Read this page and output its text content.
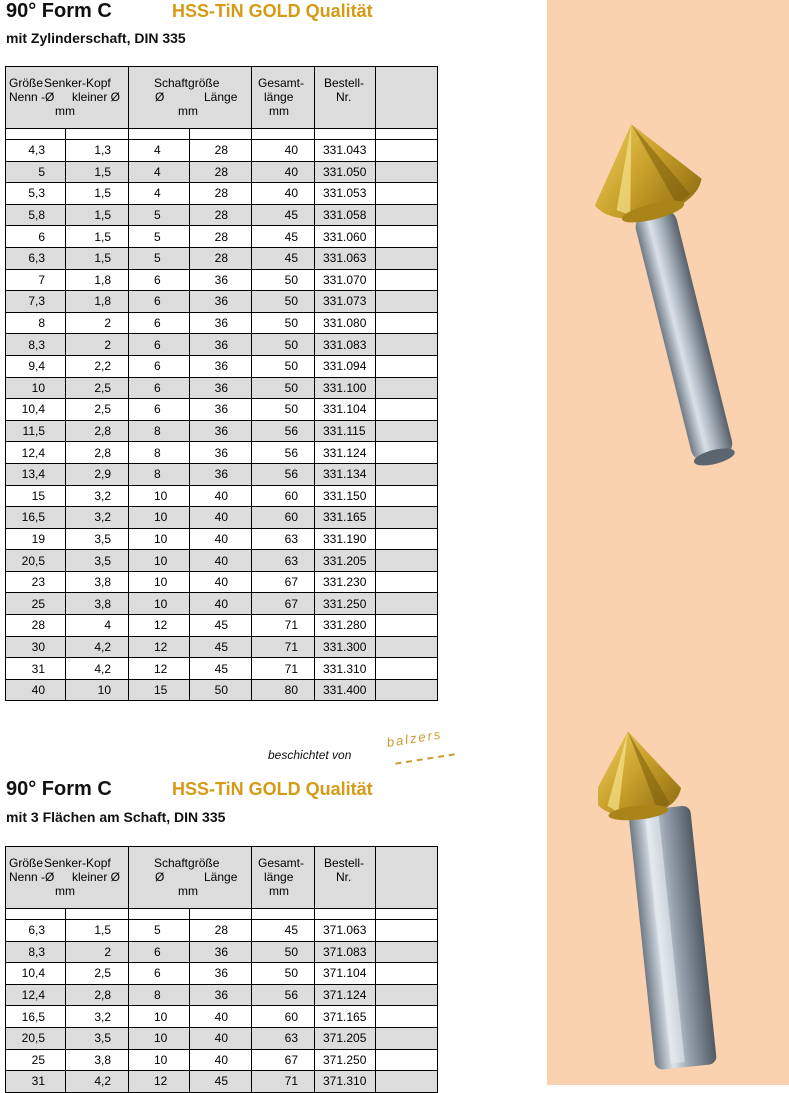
90° Form C	HSS-TiN GOLD Qualität
mit Zylinderschaft, DIN 335
Größe Senker-Kopf
Nenn -Ø kleiner Ø
mm		Schaftgröße
Ø Länge
mm		Gesamt-
länge
mm	Bestell-
Nr.	

4,3	1,3	4	28	40	331.043	
5	1,5	4	28	40	331.050	
5,3	1,5	4	28	40	331.053	
5,8	1,5	5	28	45	331.058	
6	1,5	5	28	45	331.060	
6,3	1,5	5	28	45	331.063	
7	1,8	6	36	50	331.070	
7,3	1,8	6	36	50	331.073	
8	2	6	36	50	331.080	
8,3	2	6	36	50	331.083	
9,4	2,2	6	36	50	331.094	
10	2,5	6	36	50	331.100	
10,4	2,5	6	36	50	331.104	
11,5	2,8	8	36	56	331.115	
12,4	2,8	8	36	56	331.124	
13,4	2,9	8	36	56	331.134	
15	3,2	10	40	60	331.150	
16,5	3,2	10	40	60	331.165	
19	3,5	10	40	63	331.190	
20,5	3,5	10	40	63	331.205	
23	3,8	10	40	67	331.230	
25	3,8	10	40	67	331.250	
28	4	12	45	71	331.280	
30	4,2	12	45	71	331.300	
31	4,2	12	45	71	331.310	
40	10	15	50	80	331.400	
beschichtet von
balzers
90° Form C	HSS-TiN GOLD Qualität
mit 3 Flächen am Schaft, DIN 335
Größe Senker-Kopf
Nenn -Ø kleiner Ø
mm		Schaftgröße
Ø Länge
mm		Gesamt-
länge
mm	Bestell-
Nr.	

6,3	1,5	5	28	45	371.063	
8,3	2	6	36	50	371.083	
10,4	2,5	6	36	50	371.104	
12,4	2,8	8	36	56	371.124	
16,5	3,2	10	40	60	371.165	
20,5	3,5	10	40	63	371.205	
25	3,8	10	40	67	371.250	
31	4,2	12	45	71	371.310	
